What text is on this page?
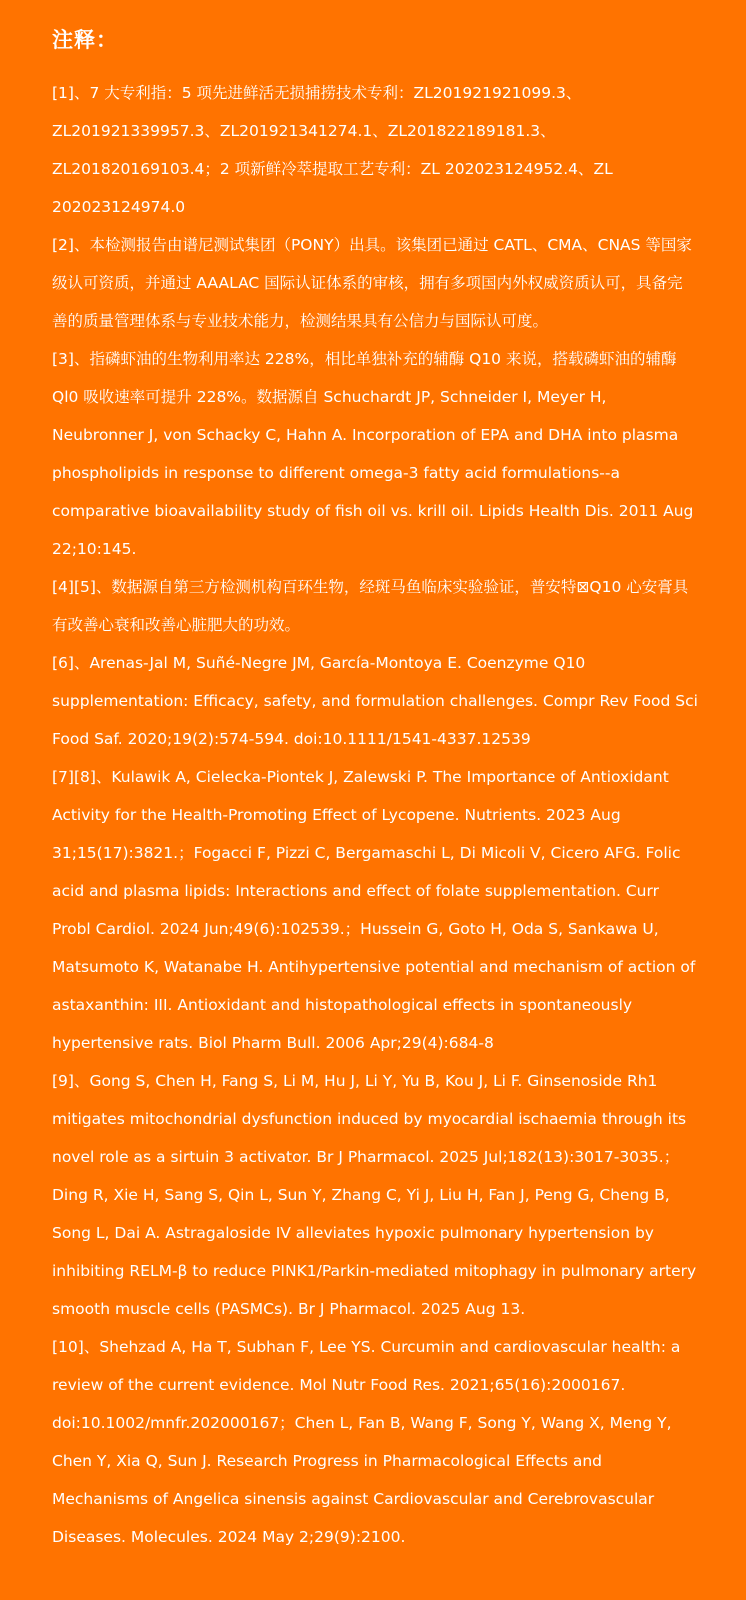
注释：

[1]、7 大专利指：5 项先进鲜活无损捕捞技术专利：ZL201921921099.3、ZL201921339957.3、ZL201921341274.1、ZL201822189181.3、ZL201820169103.4；2 项新鲜冷萃提取工艺专利：ZL 202023124952.4、ZL 202023124974.0

[2]、本检测报告由谱尼测试集团（PONY）出具。该集团已通过 CATL、CMA、CNAS 等国家级认可资质，并通过 AAALAC 国际认证体系的审核，拥有多项国内外权威资质认可，具备完善的质量管理体系与专业技术能力，检测结果具有公信力与国际认可度。

[3]、指磷虾油的生物利用率达 228%，相比单独补充的辅酶 Q10 来说，搭载磷虾油的辅酶 Ql0 吸收速率可提升 228%。数据源自 Schuchardt JP, Schneider I, Meyer H, Neubronner J, von Schacky C, Hahn A. Incorporation of EPA and DHA into plasma phospholipids in response to different omega-3 fatty acid formulations--a comparative bioavailability study of fish oil vs. krill oil. Lipids Health Dis. 2011 Aug 22;10:145.

[4][5]、数据源自第三方检测机构百环生物，经斑马鱼临床实验验证，普安特⊠Q10 心安膏具有改善心衰和改善心脏肥大的功效。

[6]、Arenas-Jal M, Suñé-Negre JM, García-Montoya E. Coenzyme Q10 supplementation: Efficacy, safety, and formulation challenges. Compr Rev Food Sci Food Saf. 2020;19(2):574-594. doi:10.1111/1541-4337.12539

[7][8]、Kulawik A, Cielecka-Piontek J, Zalewski P. The Importance of Antioxidant Activity for the Health-Promoting Effect of Lycopene. Nutrients. 2023 Aug 31;15(17):3821.；Fogacci F, Pizzi C, Bergamaschi L, Di Micoli V, Cicero AFG. Folic acid and plasma lipids: Interactions and effect of folate supplementation. Curr Probl Cardiol. 2024 Jun;49(6):102539.；Hussein G, Goto H, Oda S, Sankawa U, Matsumoto K, Watanabe H. Antihypertensive potential and mechanism of action of astaxanthin: III. Antioxidant and histopathological effects in spontaneously hypertensive rats. Biol Pharm Bull. 2006 Apr;29(4):684-8

[9]、Gong S, Chen H, Fang S, Li M, Hu J, Li Y, Yu B, Kou J, Li F. Ginsenoside Rh1 mitigates mitochondrial dysfunction induced by myocardial ischaemia through its novel role as a sirtuin 3 activator. Br J Pharmacol. 2025 Jul;182(13):3017-3035.；Ding R, Xie H, Sang S, Qin L, Sun Y, Zhang C, Yi J, Liu H, Fan J, Peng G, Cheng B, Song L, Dai A. Astragaloside IV alleviates hypoxic pulmonary hypertension by inhibiting RELM-β to reduce PINK1/Parkin-mediated mitophagy in pulmonary artery smooth muscle cells (PASMCs). Br J Pharmacol. 2025 Aug 13.

[10]、Shehzad A, Ha T, Subhan F, Lee YS. Curcumin and cardiovascular health: a review of the current evidence. Mol Nutr Food Res. 2021;65(16):2000167. doi:10.1002/mnfr.202000167；Chen L, Fan B, Wang F, Song Y, Wang X, Meng Y, Chen Y, Xia Q, Sun J. Research Progress in Pharmacological Effects and Mechanisms of Angelica sinensis against Cardiovascular and Cerebrovascular Diseases. Molecules. 2024 May 2;29(9):2100.
